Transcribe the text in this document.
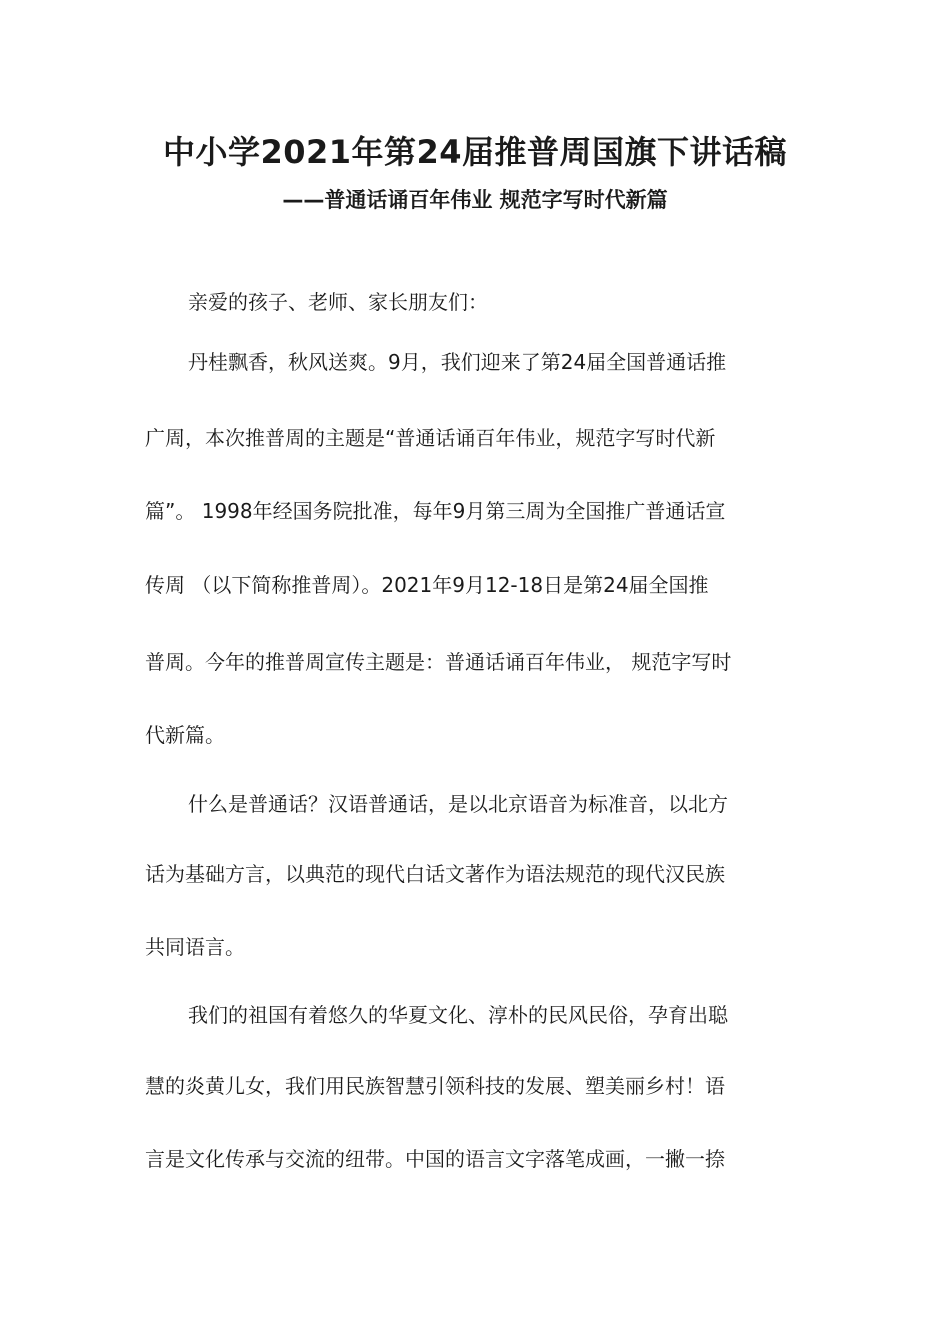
中小学2021年第24届推普周国旗下讲话稿
——普通话诵百年伟业 规范字写时代新篇
亲爱的孩子、老师、家长朋友们：
丹桂飘香，秋风送爽。9月，我们迎来了第24届全国普通话推
广周，本次推普周的主题是“普通话诵百年伟业，规范字写时代新
篇”。 1998年经国务院批准，每年9月第三周为全国推广普通话宣
传周 （以下简称推普周）。2021年9月12-18日是第24届全国推
普周。今年的推普周宣传主题是：普通话诵百年伟业， 规范字写时
代新篇。
什么是普通话？汉语普通话，是以北京语音为标准音，以北方
话为基础方言，以典范的现代白话文著作为语法规范的现代汉民族
共同语言。
我们的祖国有着悠久的华夏文化、淳朴的民风民俗，孕育出聪
慧的炎黄儿女，我们用民族智慧引领科技的发展、塑美丽乡村！语
言是文化传承与交流的纽带。中国的语言文字落笔成画，一撇一捺
